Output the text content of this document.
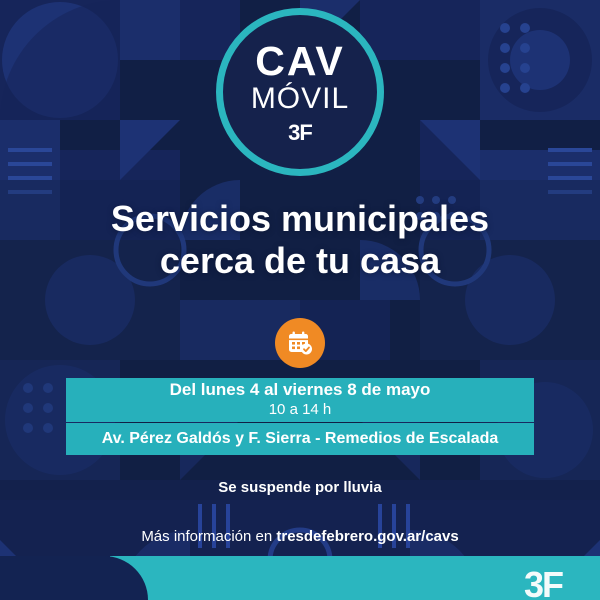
CAV
MÓVIL
3F
Servicios municipales
cerca de tu casa
Del lunes 4 al viernes 8 de mayo
10 a 14 h
Av. Pérez Galdós y F. Sierra - Remedios de Escalada
Se suspende por lluvia
Más información en tresdefebrero.gov.ar/cavs
3F
